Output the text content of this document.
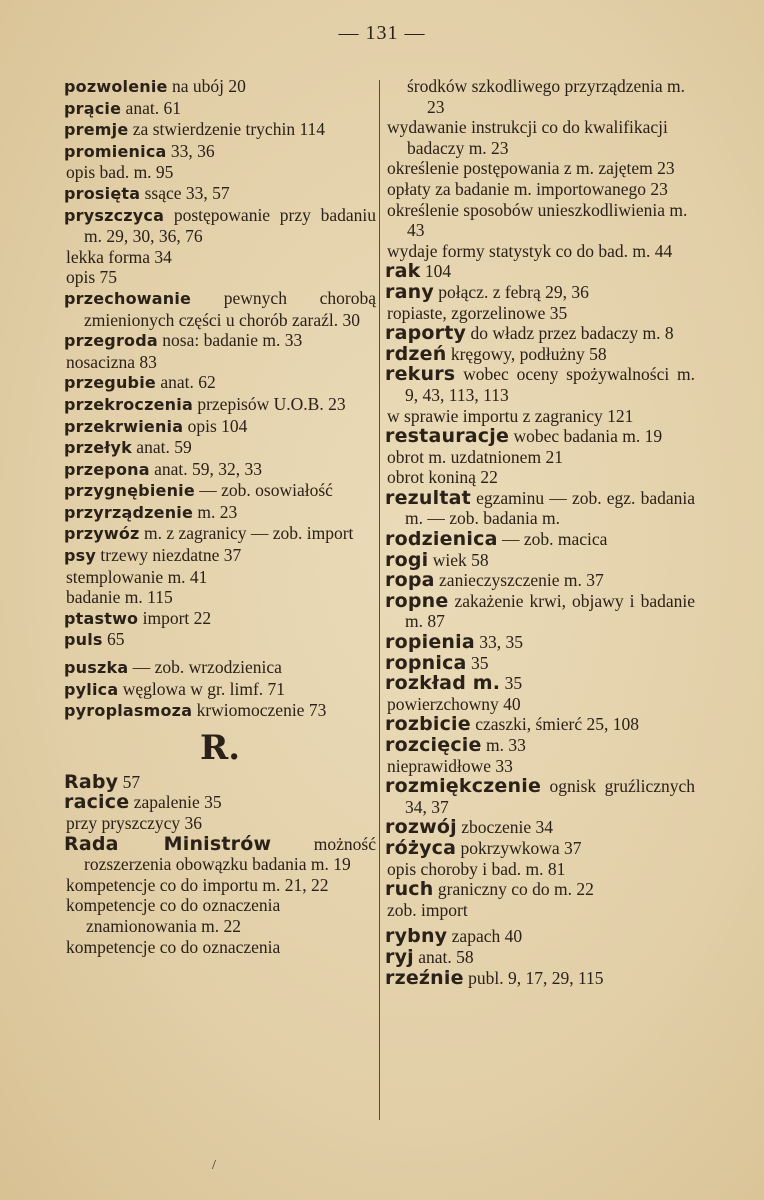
— 131 —
pozwolenie na ubój 20
prącie anat. 61
premje za stwierdzenie trychin 114
promienica 33, 36
opis bad. m. 95
prosięta ssące 33, 57
pryszczyca postępowanie przy badaniu m. 29, 30, 36, 76
lekka forma 34
opis 75
przechowanie pewnych chorobą zmienionych części u chorób zaraźl. 30
przegroda nosa: badanie m. 33
nosacizna 83
przegubie anat. 62
przekroczenia przepisów U.O.B. 23
przekrwienia opis 104
przełyk anat. 59
przepona anat. 59, 32, 33
przygnębienie — zob. osowiałość
przyrządzenie m. 23
przywóz m. z zagranicy — zob. import
psy trzewy niezdatne 37
stemplowanie m. 41
badanie m. 115
ptastwo import 22
puls 65
puszka — zob. wrzodzienica
pylica węglowa w gr. limf. 71
pyroplasmoza krwiomoczenie 73
R.
Raby 57
racice zapalenie 35
przy pryszczycy 36
Rada Ministrów możność rozszerzenia obowązku badania m. 19
kompetencje co do importu m. 21, 22
kompetencje co do oznaczenia znamionowania m. 22
kompetencje co do oznaczenia
środków szkodliwego przyrządzenia m. 23
wydawanie instrukcji co do kwalifikacji badaczy m. 23
określenie postępowania z m. zajętem 23
opłaty za badanie m. importowanego 23
określenie sposobów unieszkodliwienia m. 43
wydaje formy statystyk co do bad. m. 44
rak 104
rany połącz. z febrą 29, 36
ropiaste, zgorzelinowe 35
raporty do władz przez badaczy m. 8
rdzeń kręgowy, podłużny 58
rekurs wobec oceny spożywalności m. 9, 43, 113, 113
w sprawie importu z zagranicy 121
restauracje wobec badania m. 19
obrot m. uzdatnionem 21
obrot koniną 22
rezultat egzaminu — zob. egz. badania m. — zob. badania m.
rodzienica — zob. macica
rogi wiek 58
ropa zanieczyszczenie m. 37
ropne zakażenie krwi, objawy i badanie m. 87
ropienia 33, 35
ropnica 35
rozkład m. 35
powierzchowny 40
rozbicie czaszki, śmierć 25, 108
rozcięcie m. 33
nieprawidłowe 33
rozmiękczenie ognisk gruźlicznych 34, 37
rozwój zboczenie 34
różyca pokrzywkowa 37
opis choroby i bad. m. 81
ruch graniczny co do m. 22
zob. import
rybny zapach 40
ryj anat. 58
rzeźnie publ. 9, 17, 29, 115
/
